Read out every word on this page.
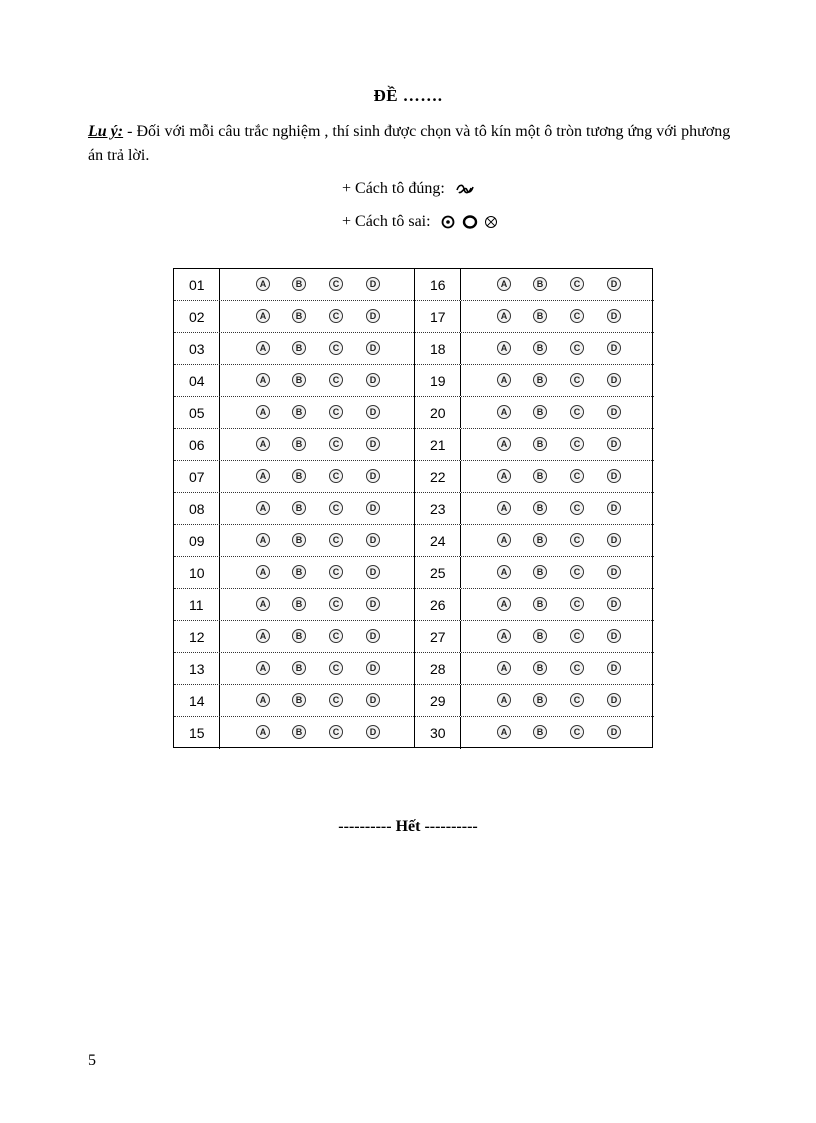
ĐỀ …….
Lu ý: - Đối với mỗi câu trắc nghiệm , thí sinh được chọn và tô kín một ô tròn tương ứng với phương án trả lời.
+ Cách tô đúng:
+ Cách tô sai:

01	A	B	C	D
02	A	B	C	D
03	A	B	C	D
04	A	B	C	D
05	A	B	C	D
06	A	B	C	D
07	A	B	C	D
08	A	B	C	D
09	A	B	C	D
10	A	B	C	D
11	A	B	C	D
12	A	B	C	D
13	A	B	C	D
14	A	B	C	D
15	A	B	C	D
16	A	B	C	D
17	A	B	C	D
18	A	B	C	D
19	A	B	C	D
20	A	B	C	D
21	A	B	C	D
22	A	B	C	D
23	A	B	C	D
24	A	B	C	D
25	A	B	C	D
26	A	B	C	D
27	A	B	C	D
28	A	B	C	D
29	A	B	C	D
30	A	B	C	D
---------- Hết ----------
5
